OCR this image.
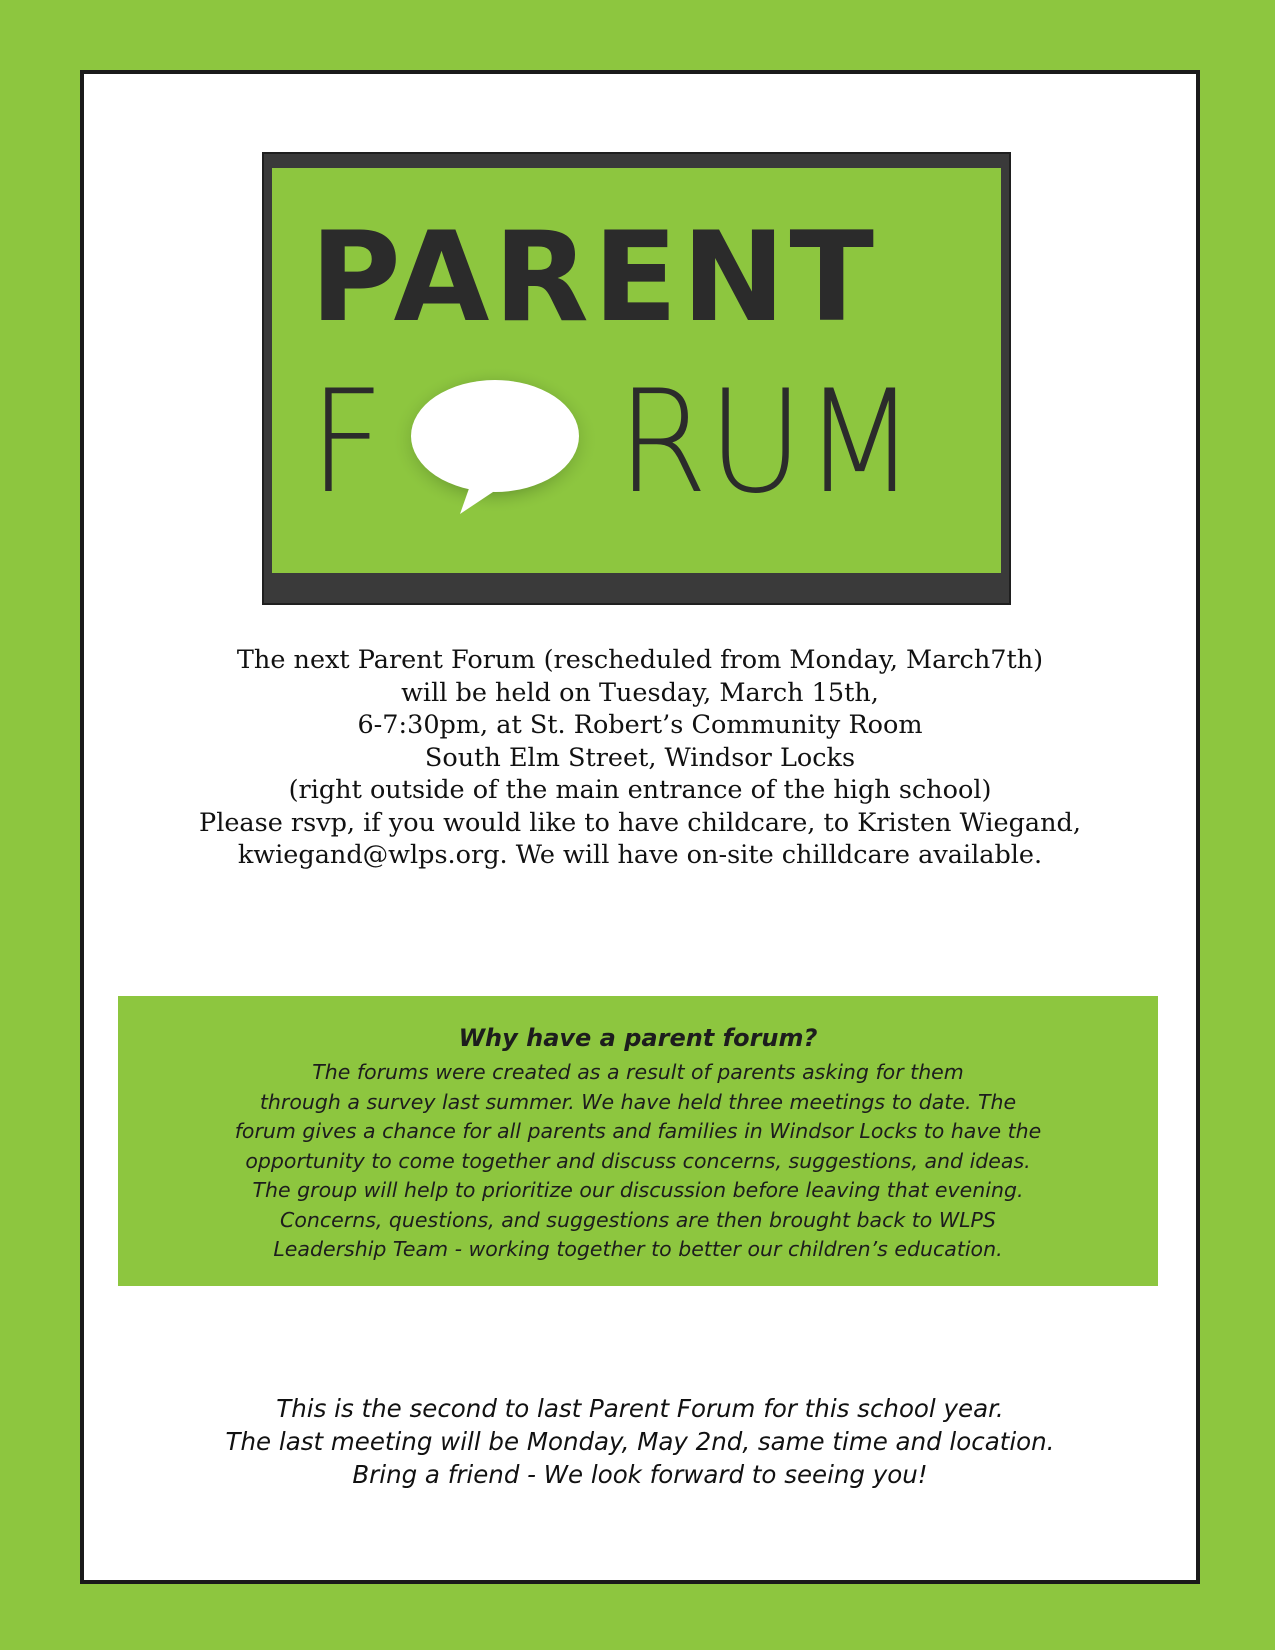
PARENT
F RUM
The next Parent Forum (rescheduled from Monday, March7th)
will be held on Tuesday, March 15th,
6-7:30pm, at St. Robert’s Community Room
South Elm Street, Windsor Locks
(right outside of the main entrance of the high school)
Please rsvp, if you would like to have childcare, to Kristen Wiegand,
kwiegand@wlps.org. We will have on-site chilldcare available.
Why have a parent forum?
The forums were created as a result of parents asking for them
through a survey last summer. We have held three meetings to date. The
forum gives a chance for all parents and families in Windsor Locks to have the
opportunity to come together and discuss concerns, suggestions, and ideas.
The group will help to prioritize our discussion before leaving that evening.
Concerns, questions, and suggestions are then brought back to WLPS
Leadership Team - working together to better our children’s education.
This is the second to last Parent Forum for this school year.
The last meeting will be Monday, May 2nd, same time and location.
Bring a friend - We look forward to seeing you!
